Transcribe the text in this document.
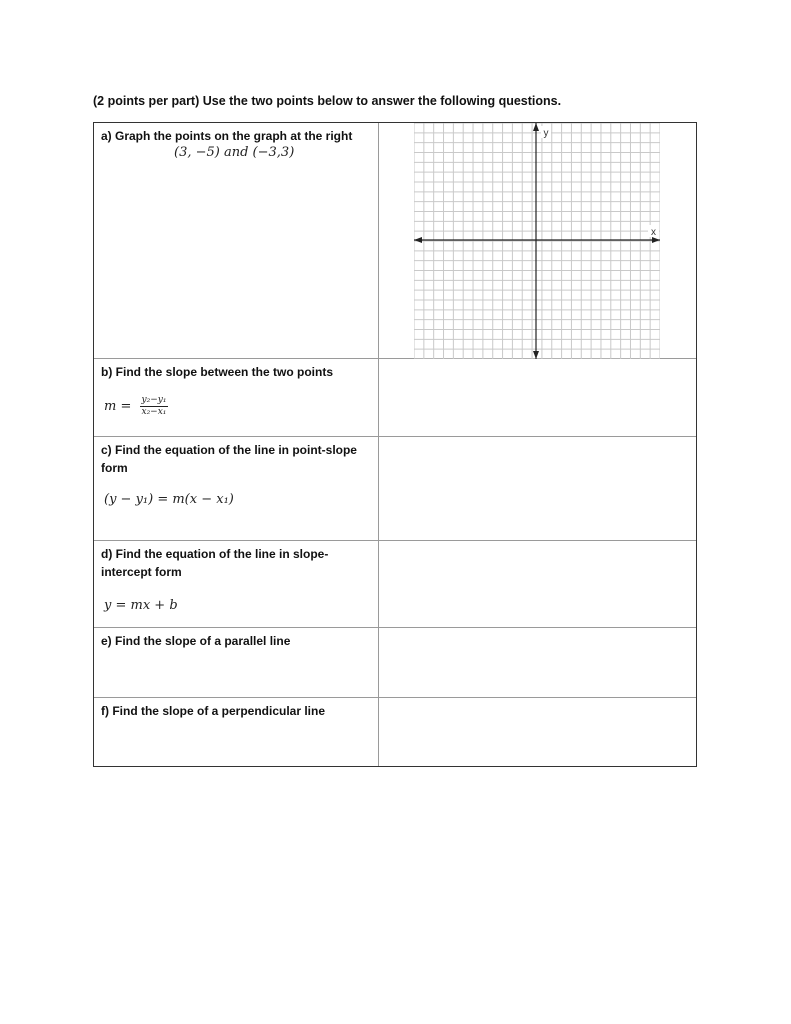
(2 points per part) Use the two points below to answer the following questions.
a) Graph the points on the graph at the right
(3, −5) and (−3,3)
x
y
b) Find the slope between the two points
$m = \frac{\text{y₂−y₁}}{\text{x₂−x₁}}$
c) Find the equation of the line in point-slope form
(y − y₁) = m(x − x₁)
d) Find the equation of the line in slope-intercept form
y = mx + b
e) Find the slope of a parallel line
f) Find the slope of a perpendicular line
